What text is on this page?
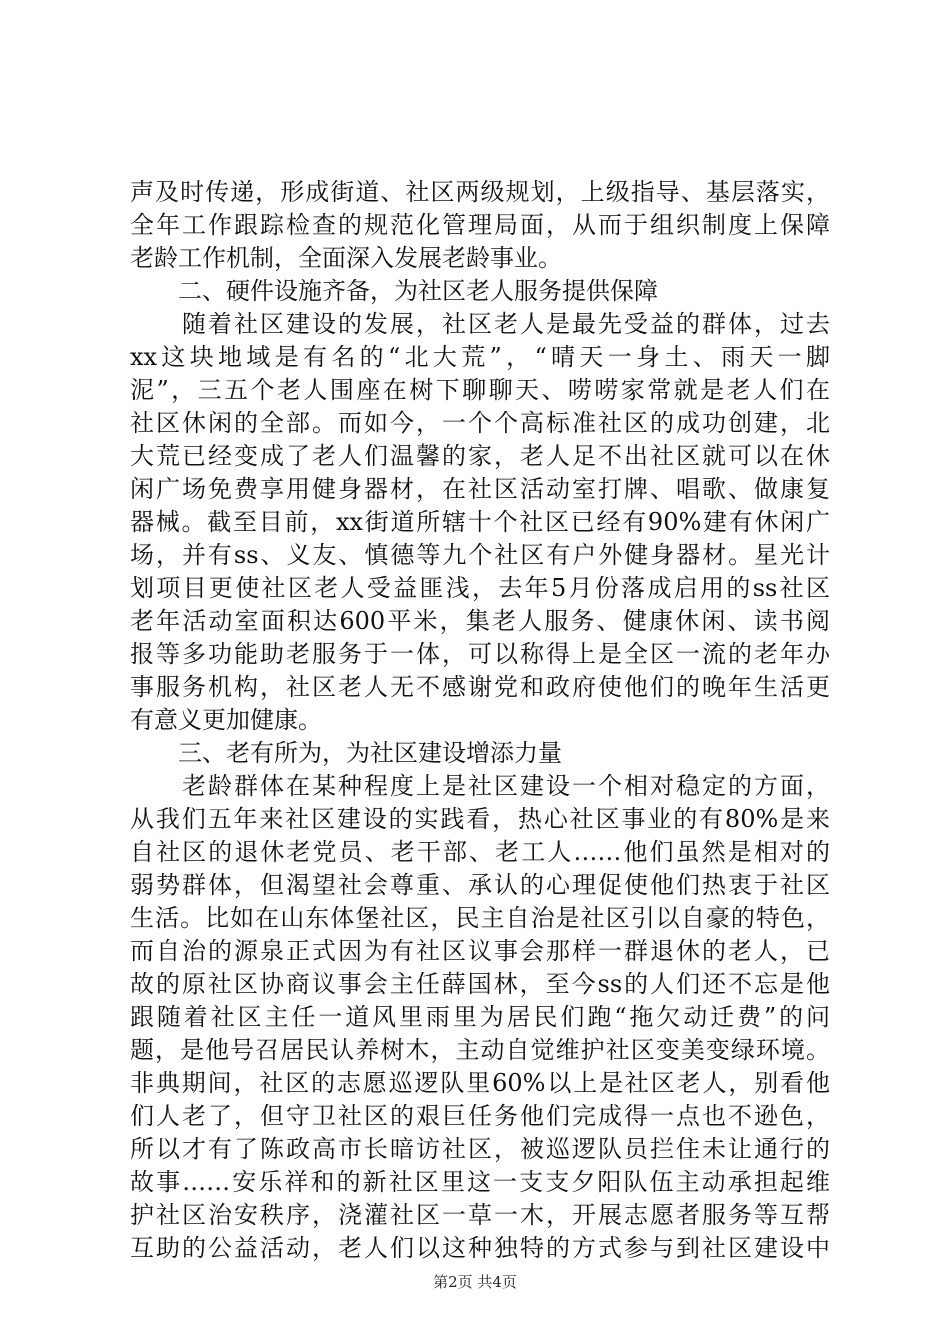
声及时传递，形成街道、社区两级规划，上级指导、基层落实，
全年工作跟踪检查的规范化管理局面，从而于组织制度上保障
老龄工作机制，全面深入发展老龄事业。
　　二、硬件设施齐备，为社区老人服务提供保障
　　随着社区建设的发展，社区老人是最先受益的群体，过去
xx这块地域是有名的“北大荒”，“晴天一身土、雨天一脚
泥”，三五个老人围座在树下聊聊天、唠唠家常就是老人们在
社区休闲的全部。而如今，一个个高标准社区的成功创建，北
大荒已经变成了老人们温馨的家，老人足不出社区就可以在休
闲广场免费享用健身器材，在社区活动室打牌、唱歌、做康复
器械。截至目前，xx街道所辖十个社区已经有90%建有休闲广
场，并有ss、义友、慎德等九个社区有户外健身器材。星光计
划项目更使社区老人受益匪浅，去年5月份落成启用的ss社区
老年活动室面积达600平米，集老人服务、健康休闲、读书阅
报等多功能助老服务于一体，可以称得上是全区一流的老年办
事服务机构，社区老人无不感谢党和政府使他们的晚年生活更
有意义更加健康。
　　三、老有所为，为社区建设增添力量
　　老龄群体在某种程度上是社区建设一个相对稳定的方面，
从我们五年来社区建设的实践看，热心社区事业的有80%是来
自社区的退休老党员、老干部、老工人……他们虽然是相对的
弱势群体，但渴望社会尊重、承认的心理促使他们热衷于社区
生活。比如在山东体堡社区，民主自治是社区引以自豪的特色，
而自治的源泉正式因为有社区议事会那样一群退休的老人，已
故的原社区协商议事会主任薛国林，至今ss的人们还不忘是他
跟随着社区主任一道风里雨里为居民们跑“拖欠动迁费”的问
题，是他号召居民认养树木，主动自觉维护社区变美变绿环境。
非典期间，社区的志愿巡逻队里60%以上是社区老人，别看他
们人老了，但守卫社区的艰巨任务他们完成得一点也不逊色，
所以才有了陈政高市长暗访社区，被巡逻队员拦住未让通行的
故事……安乐祥和的新社区里这一支支夕阳队伍主动承担起维
护社区治安秩序，浇灌社区一草一木，开展志愿者服务等互帮
互助的公益活动，老人们以这种独特的方式参与到社区建设中
第2页 共4页
